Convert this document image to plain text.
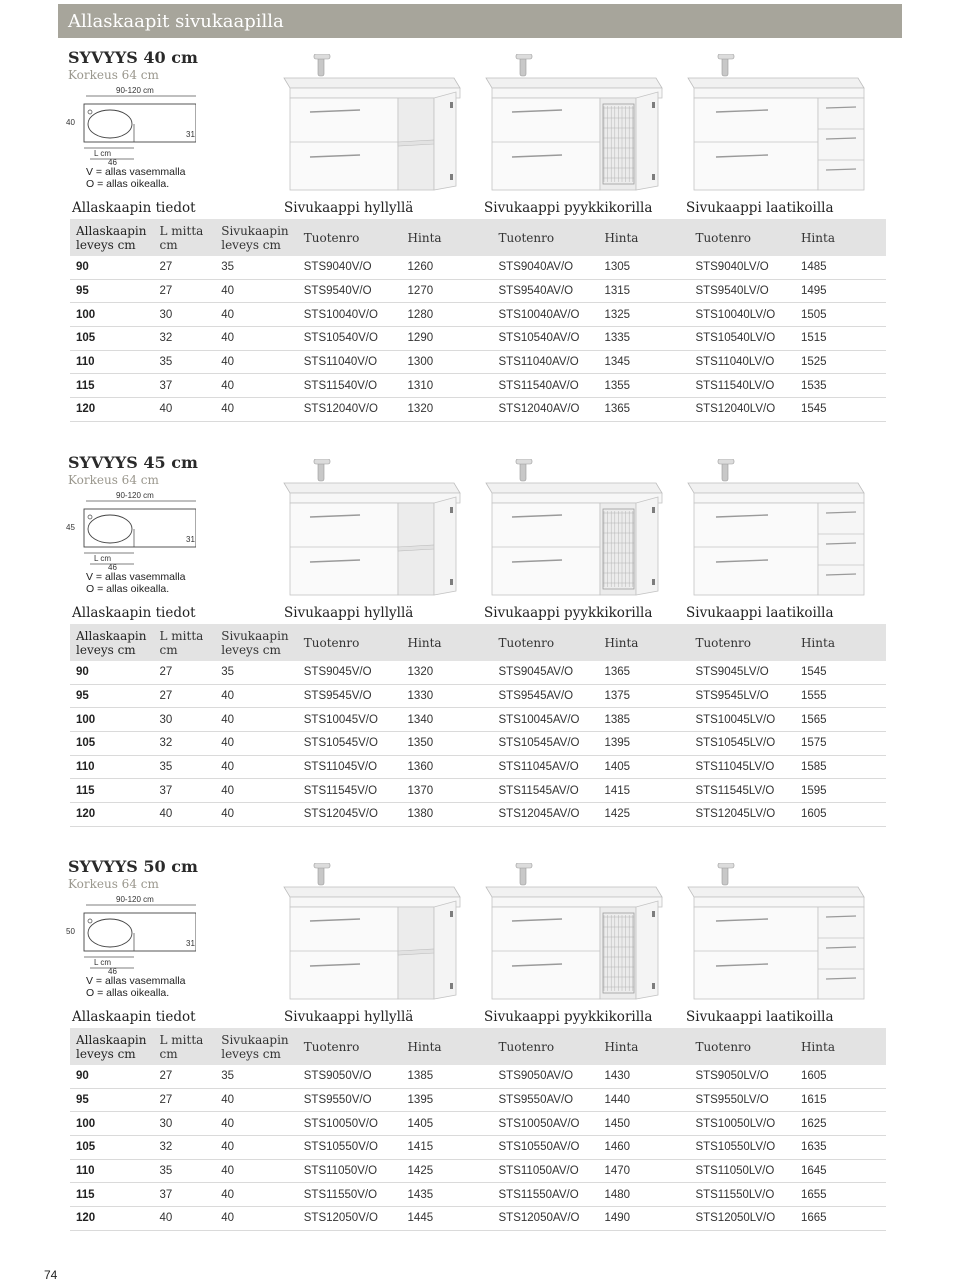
Allaskaapit sivukaapilla
SYVYYS 40 cm
Korkeus 64 cm
90-120 cm
40
31
L cm
46
V = allas vasemmalla
O = allas oikealla.
Allaskaapin tiedot	Sivukaappi hyllyllä	Sivukaappi pyykkikorilla Sivukaappi laatikoilla
Allaskaapin leveys cm	L mitta cm	Sivukaapin leveys cm	Tuotenro	Hinta	Tuotenro	Hinta	Tuotenro	Hinta
90	27	35	STS9040V/O	1260	STS9040AV/O	1305	STS9040LV/O	1485
95	27	40	STS9540V/O	1270	STS9540AV/O	1315	STS9540LV/O	1495
100	30	40	STS10040V/O	1280	STS10040AV/O	1325	STS10040LV/O	1505
105	32	40	STS10540V/O	1290	STS10540AV/O	1335	STS10540LV/O	1515
110	35	40	STS11040V/O	1300	STS11040AV/O	1345	STS11040LV/O	1525
115	37	40	STS11540V/O	1310	STS11540AV/O	1355	STS11540LV/O	1535
120	40	40	STS12040V/O	1320	STS12040AV/O	1365	STS12040LV/O	1545
SYVYYS 45 cm
Korkeus 64 cm
90-120 cm
45
31
L cm
46
V = allas vasemmalla
O = allas oikealla.
Allaskaapin tiedot	Sivukaappi hyllyllä	Sivukaappi pyykkikorilla Sivukaappi laatikoilla
Allaskaapin leveys cm	L mitta cm	Sivukaapin leveys cm	Tuotenro	Hinta	Tuotenro	Hinta	Tuotenro	Hinta
90	27	35	STS9045V/O	1320	STS9045AV/O	1365	STS9045LV/O	1545
95	27	40	STS9545V/O	1330	STS9545AV/O	1375	STS9545LV/O	1555
100	30	40	STS10045V/O	1340	STS10045AV/O	1385	STS10045LV/O	1565
105	32	40	STS10545V/O	1350	STS10545AV/O	1395	STS10545LV/O	1575
110	35	40	STS11045V/O	1360	STS11045AV/O	1405	STS11045LV/O	1585
115	37	40	STS11545V/O	1370	STS11545AV/O	1415	STS11545LV/O	1595
120	40	40	STS12045V/O	1380	STS12045AV/O	1425	STS12045LV/O	1605
SYVYYS 50 cm
Korkeus 64 cm
90-120 cm
50
31
L cm
46
V = allas vasemmalla
O = allas oikealla.
Allaskaapin tiedot	Sivukaappi hyllyllä	Sivukaappi pyykkikorilla Sivukaappi laatikoilla
Allaskaapin leveys cm	L mitta cm	Sivukaapin leveys cm	Tuotenro	Hinta	Tuotenro	Hinta	Tuotenro	Hinta
90	27	35	STS9050V/O	1385	STS9050AV/O	1430	STS9050LV/O	1605
95	27	40	STS9550V/O	1395	STS9550AV/O	1440	STS9550LV/O	1615
100	30	40	STS10050V/O	1405	STS10050AV/O	1450	STS10050LV/O	1625
105	32	40	STS10550V/O	1415	STS10550AV/O	1460	STS10550LV/O	1635
110	35	40	STS11050V/O	1425	STS11050AV/O	1470	STS11050LV/O	1645
115	37	40	STS11550V/O	1435	STS11550AV/O	1480	STS11550LV/O	1655
120	40	40	STS12050V/O	1445	STS12050AV/O	1490	STS12050LV/O	1665
74
